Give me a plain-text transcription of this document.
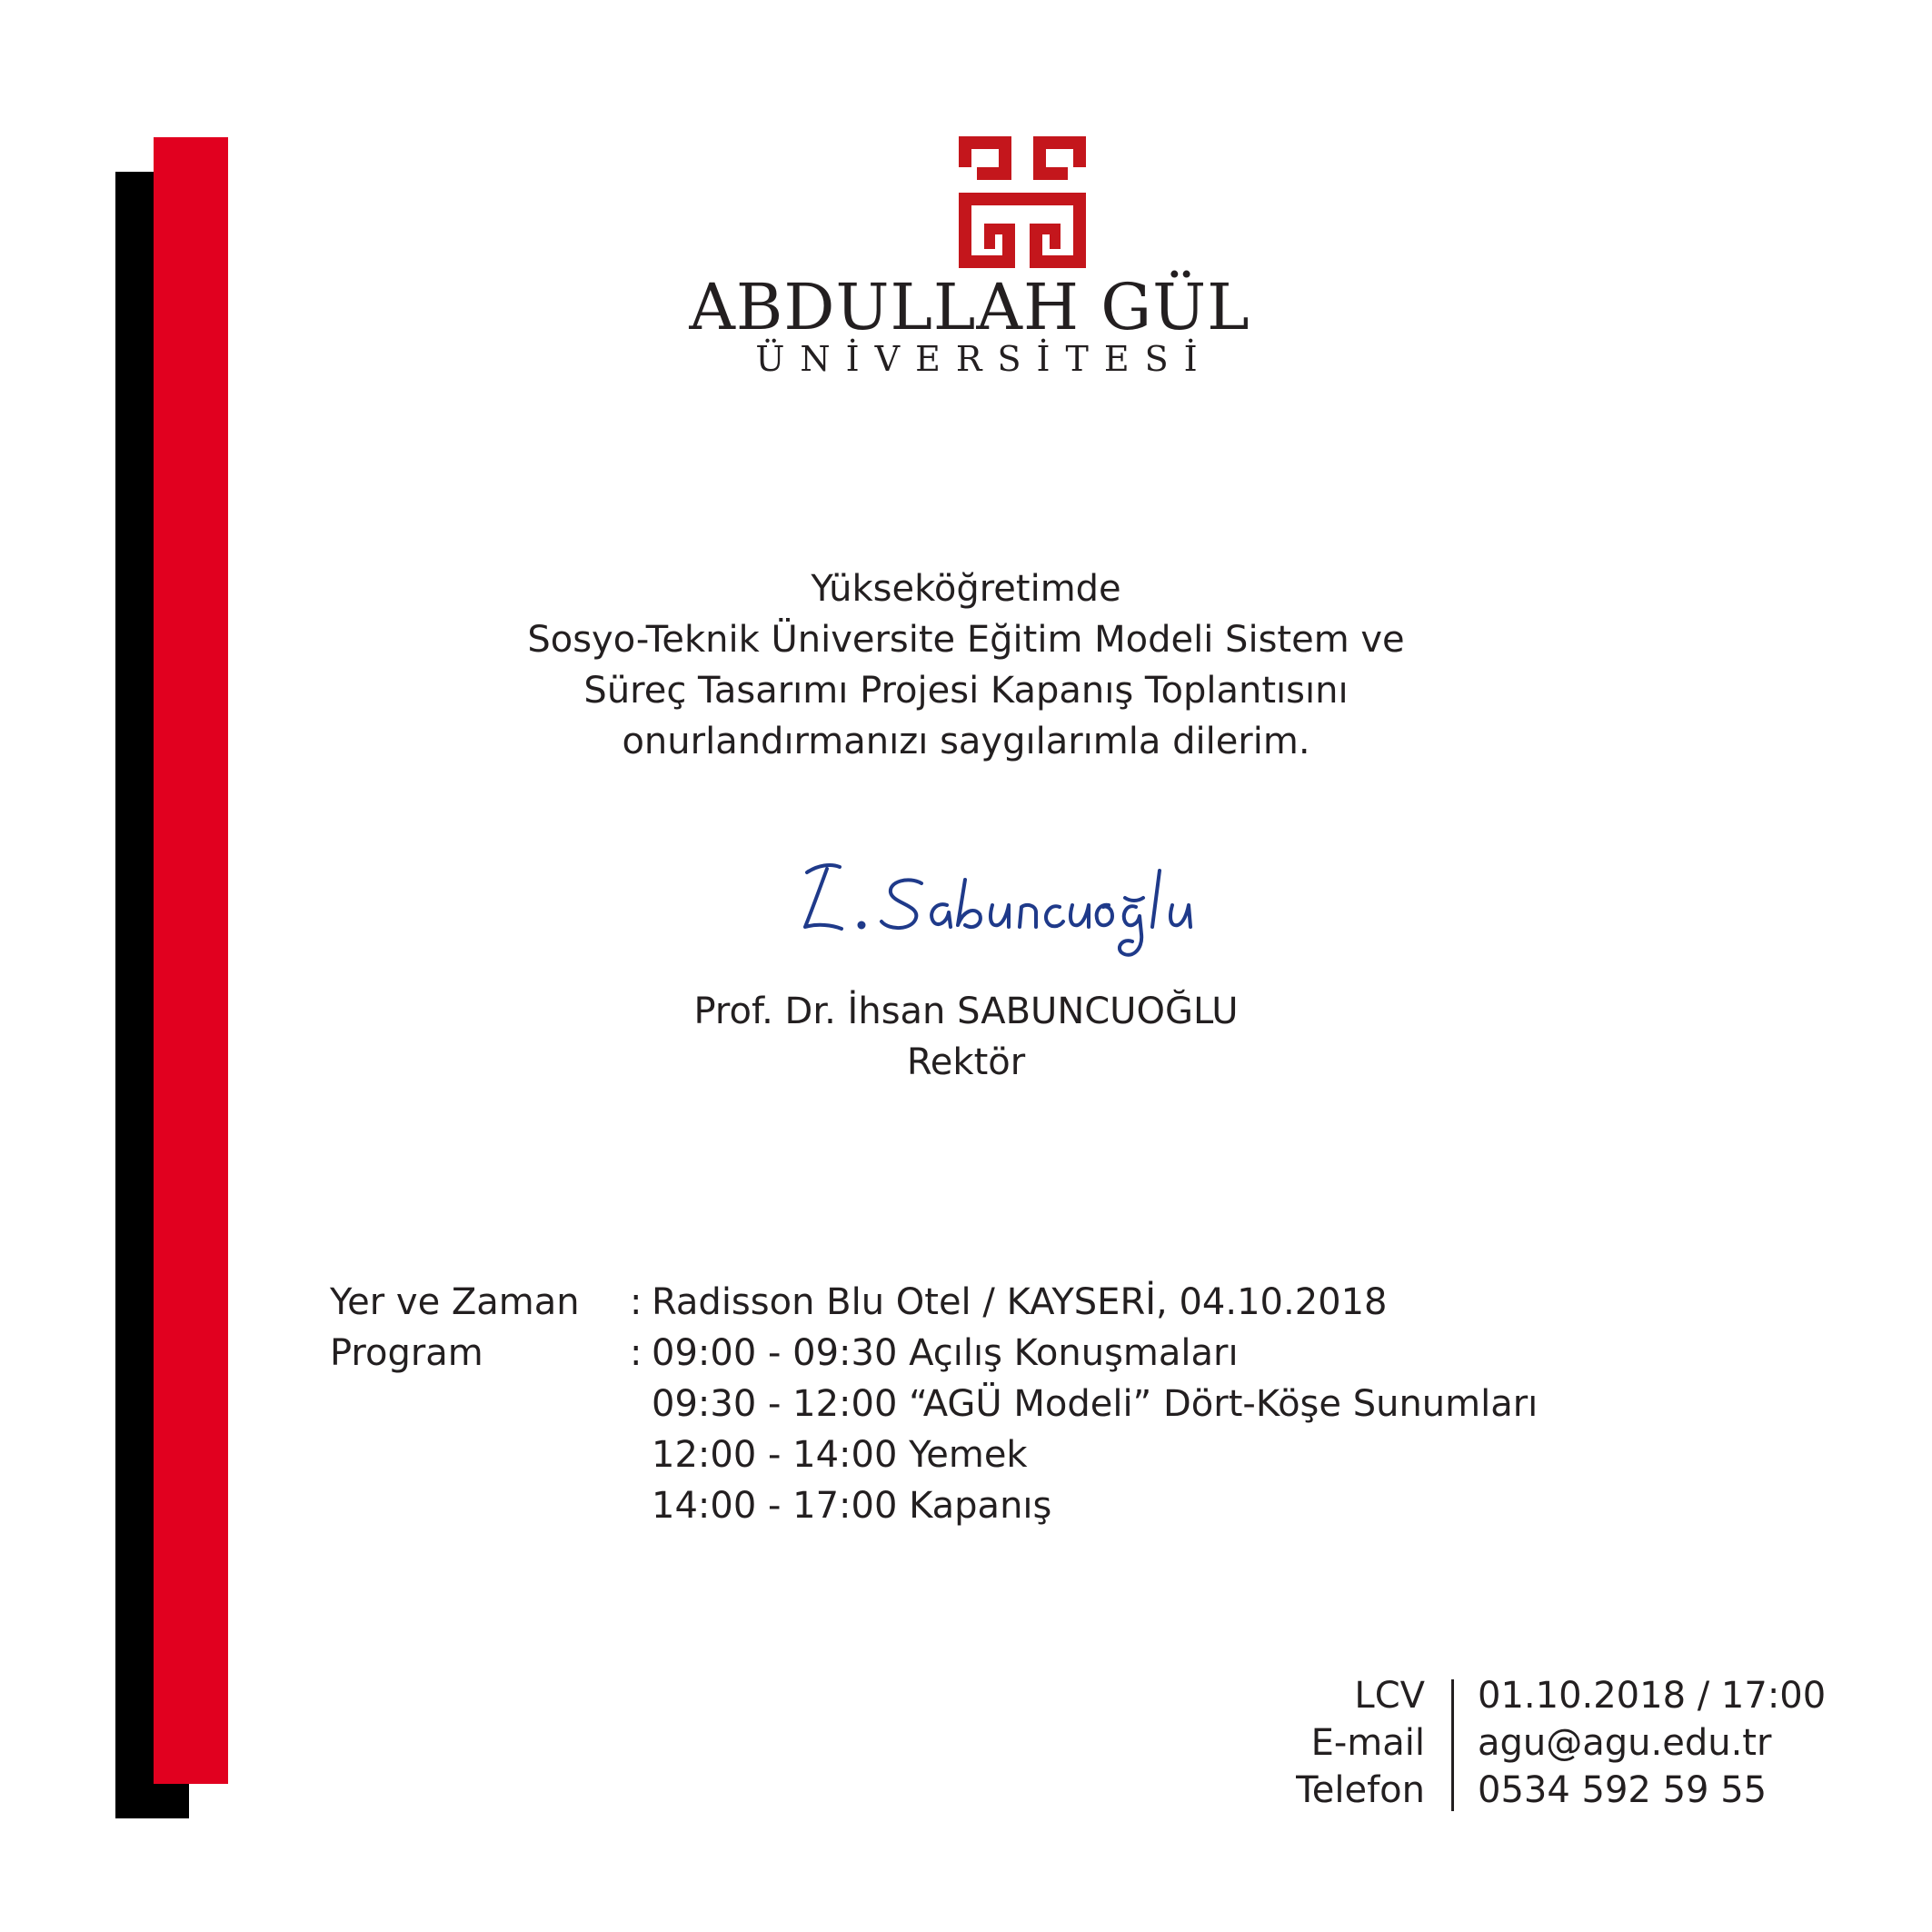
ABDULLAH GÜL
ÜNİVERSİTESİ
Yükseköğretimde
Sosyo-Teknik Üniversite Eğitim Modeli Sistem ve
Süreç Tasarımı Projesi Kapanış Toplantısını
onurlandırmanızı saygılarımla dilerim.
Prof. Dr. İhsan SABUNCUOĞLU
Rektör
Yer ve Zaman : Radisson Blu Otel / KAYSERİ, 04.10.2018
Program	: 09:00 - 09:30 Açılış Konuşmaları
09:30 - 12:00 “AGÜ Modeli” Dört-Köşe Sunumları
12:00 - 14:00 Yemek
14:00 - 17:00 Kapanış
LCV
E-mail
Telefon
01.10.2018 / 17:00
agu@agu.edu.tr
0534 592 59 55
